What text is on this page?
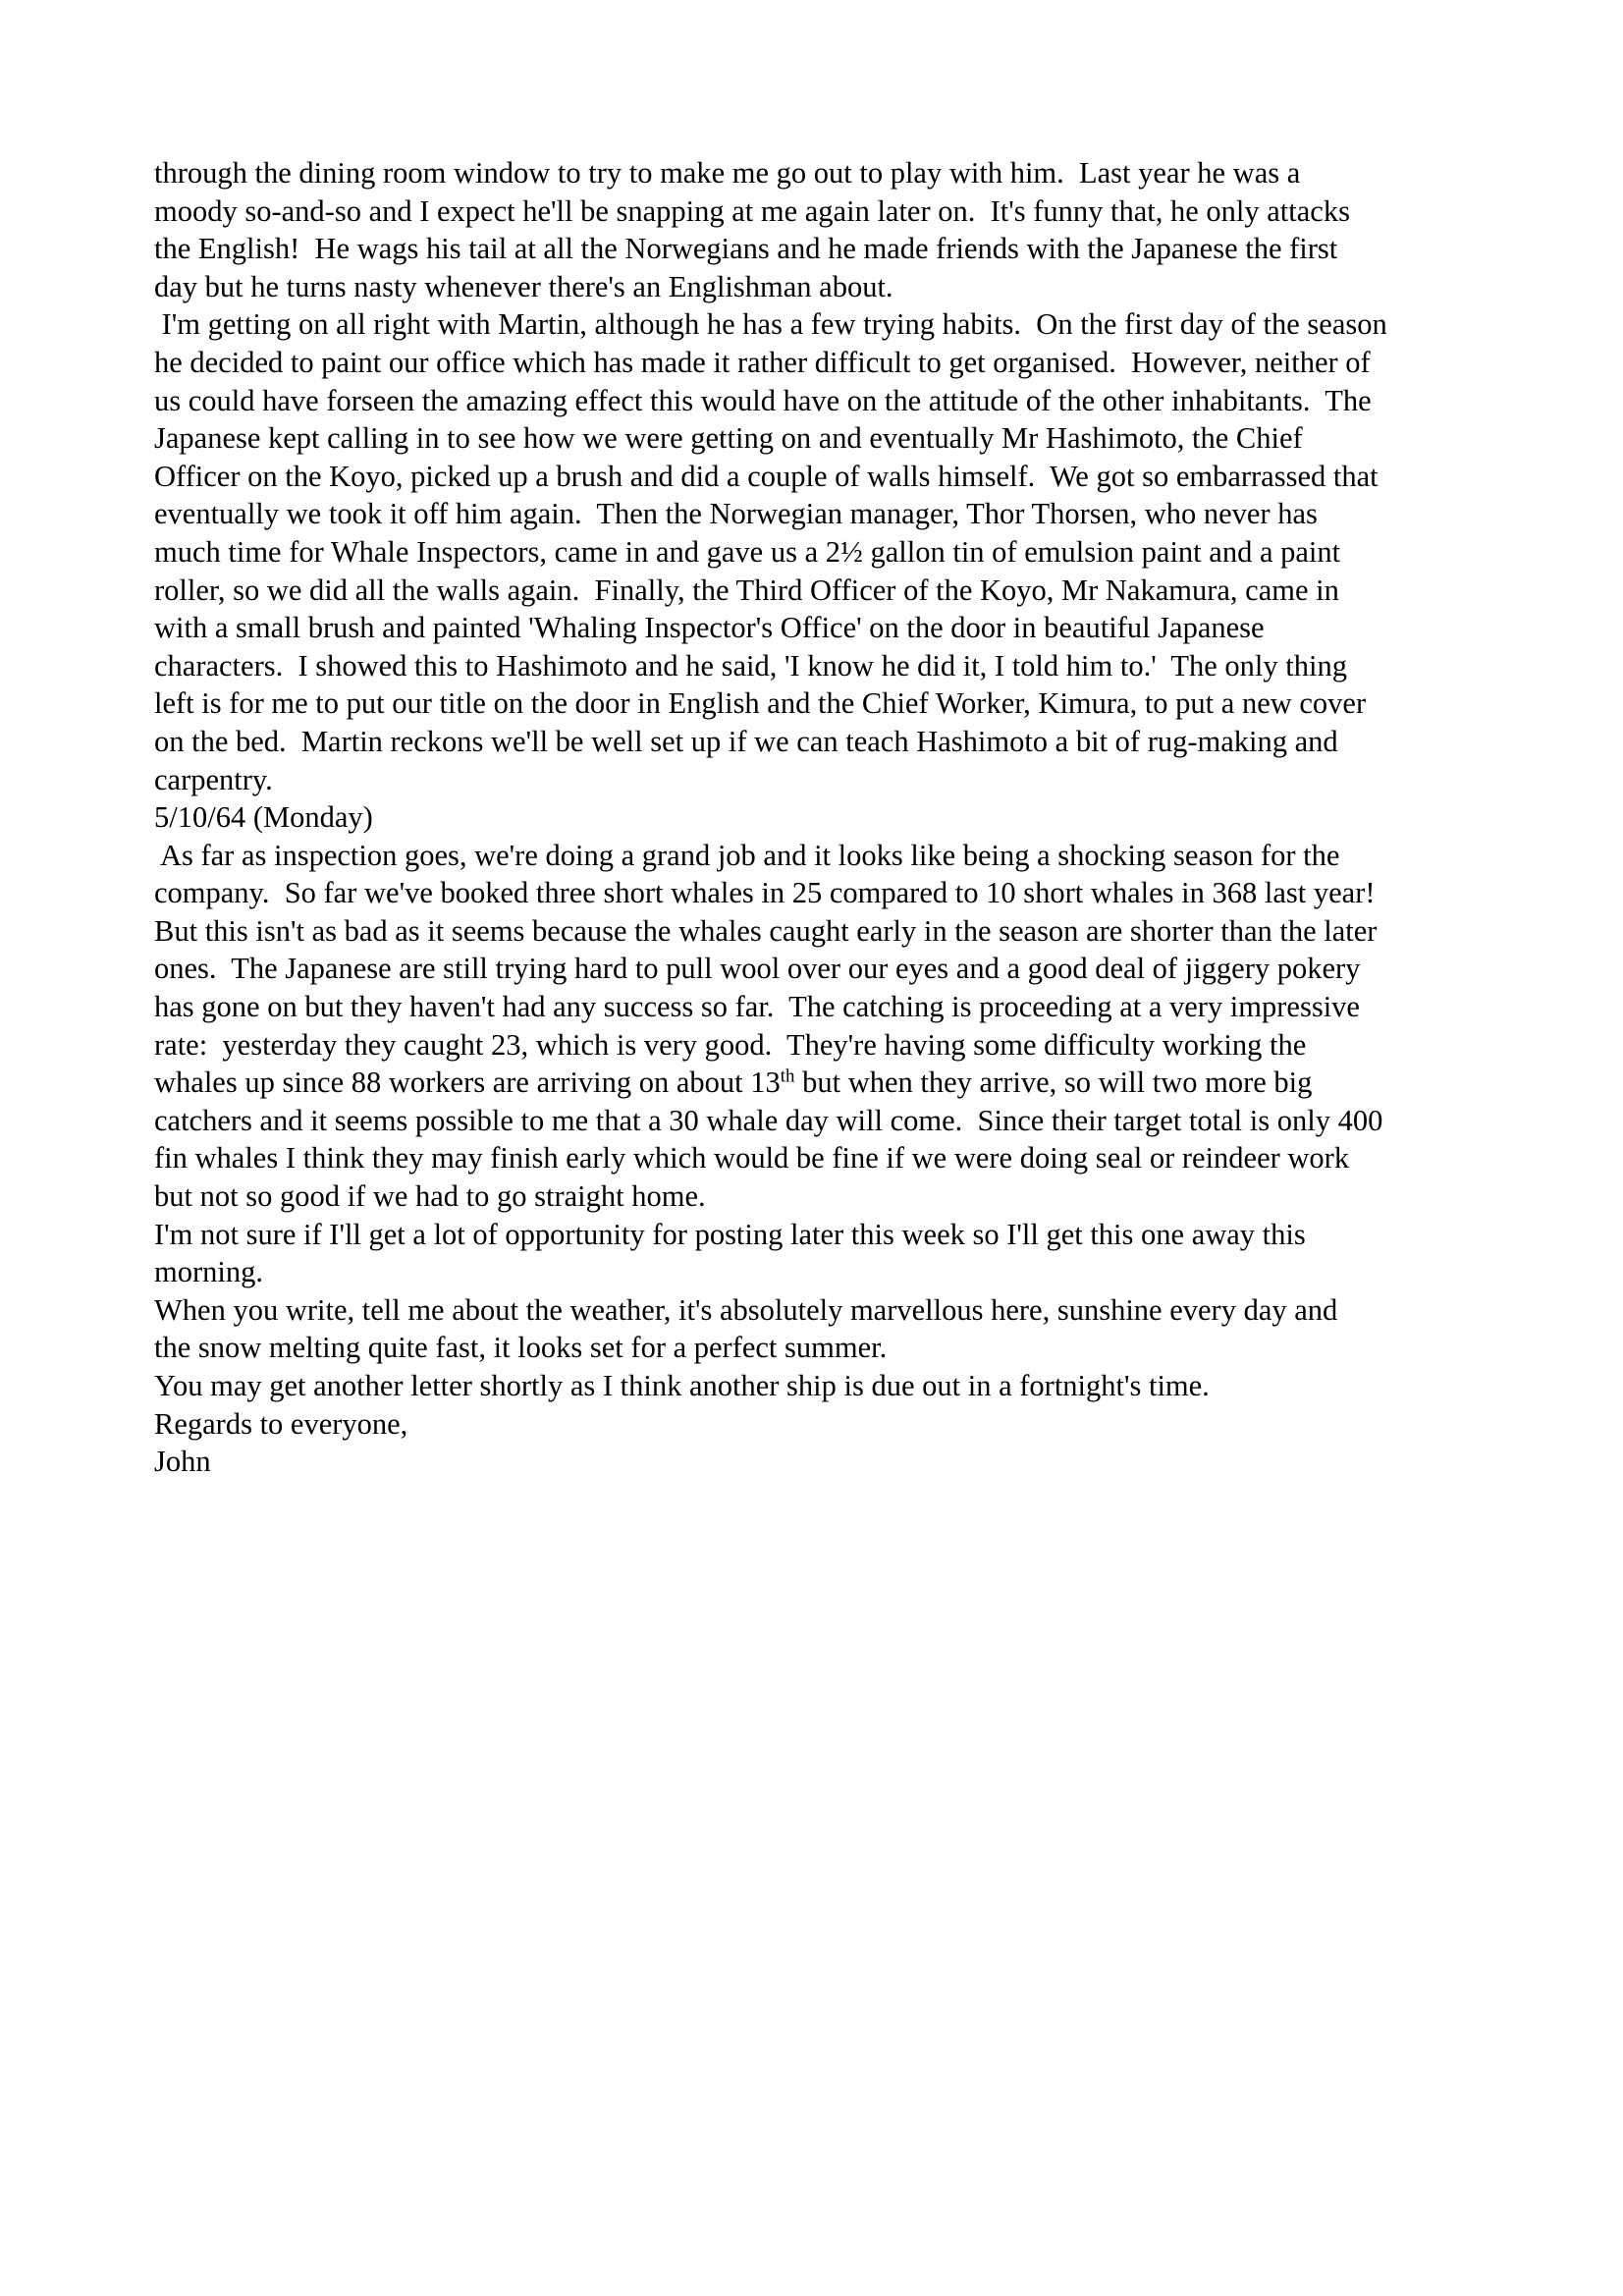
through the dining room window to try to make me go out to play with him.  Last year he was a
moody so-and-so and I expect he'll be snapping at me again later on.  It's funny that, he only attacks
the English!  He wags his tail at all the Norwegians and he made friends with the Japanese the first
day but he turns nasty whenever there's an Englishman about.
I'm getting on all right with Martin, although he has a few trying habits.  On the first day of the season
he decided to paint our office which has made it rather difficult to get organised.  However, neither of
us could have forseen the amazing effect this would have on the attitude of the other inhabitants.  The
Japanese kept calling in to see how we were getting on and eventually Mr Hashimoto, the Chief
Officer on the Koyo, picked up a brush and did a couple of walls himself.  We got so embarrassed that
eventually we took it off him again.  Then the Norwegian manager, Thor Thorsen, who never has
much time for Whale Inspectors, came in and gave us a 2½ gallon tin of emulsion paint and a paint
roller, so we did all the walls again.  Finally, the Third Officer of the Koyo, Mr Nakamura, came in
with a small brush and painted 'Whaling Inspector's Office' on the door in beautiful Japanese
characters.  I showed this to Hashimoto and he said, 'I know he did it, I told him to.'  The only thing
left is for me to put our title on the door in English and the Chief Worker, Kimura, to put a new cover
on the bed.  Martin reckons we'll be well set up if we can teach Hashimoto a bit of rug-making and
carpentry.
5/10/64 (Monday)
As far as inspection goes, we're doing a grand job and it looks like being a shocking season for the
company.  So far we've booked three short whales in 25 compared to 10 short whales in 368 last year!
But this isn't as bad as it seems because the whales caught early in the season are shorter than the later
ones.  The Japanese are still trying hard to pull wool over our eyes and a good deal of jiggery pokery
has gone on but they haven't had any success so far.  The catching is proceeding at a very impressive
rate:  yesterday they caught 23, which is very good.  They're having some difficulty working the
whales up since 88 workers are arriving on about 13th but when they arrive, so will two more big
catchers and it seems possible to me that a 30 whale day will come.  Since their target total is only 400
fin whales I think they may finish early which would be fine if we were doing seal or reindeer work
but not so good if we had to go straight home.
I'm not sure if I'll get a lot of opportunity for posting later this week so I'll get this one away this
morning.
When you write, tell me about the weather, it's absolutely marvellous here, sunshine every day and
the snow melting quite fast, it looks set for a perfect summer.
You may get another letter shortly as I think another ship is due out in a fortnight's time.
Regards to everyone,
John
